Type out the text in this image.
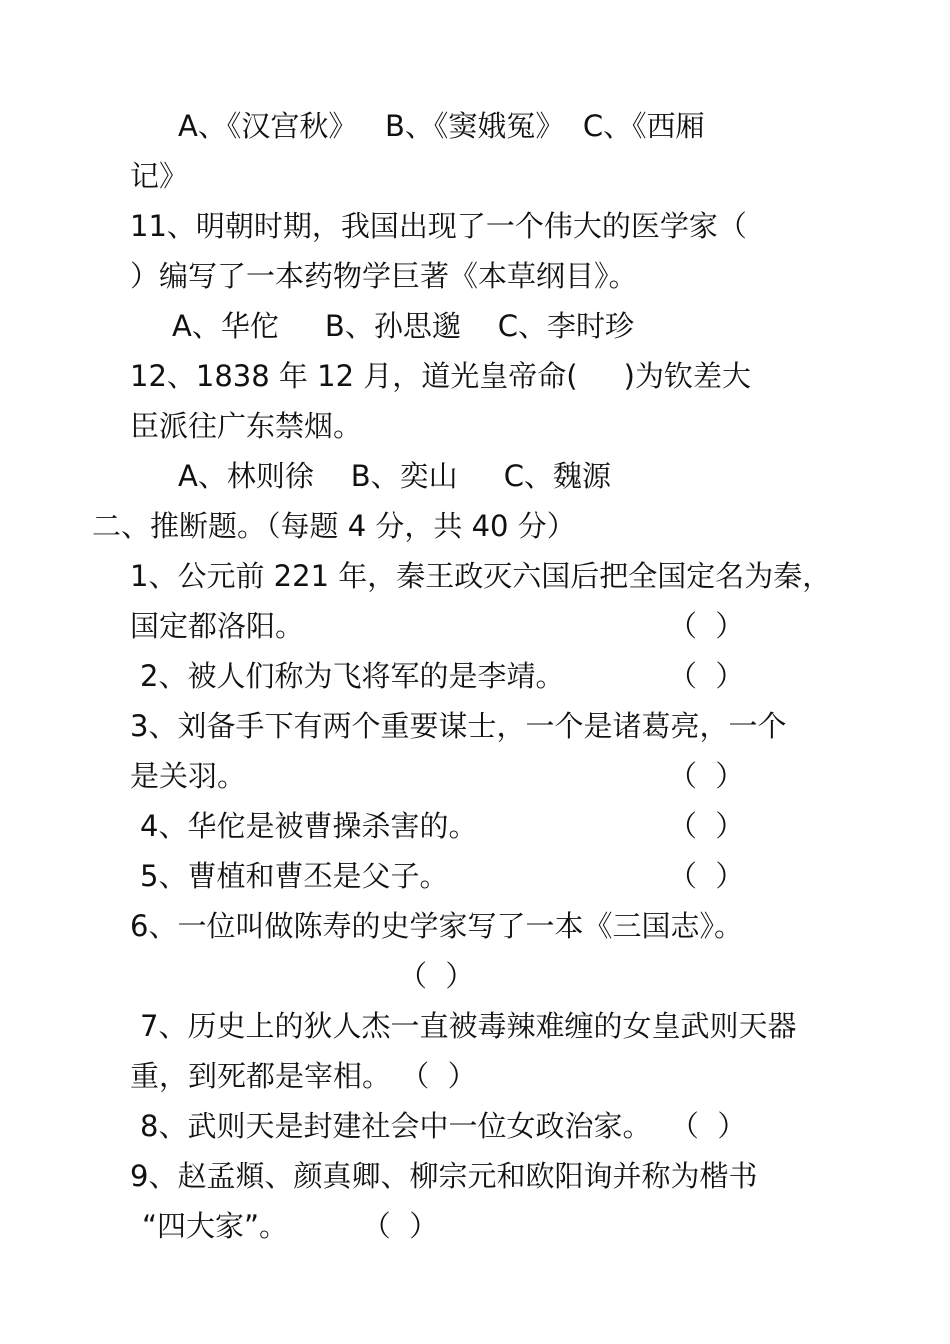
A、《汉宫秋》   B、《窦娥冤》  C、《西厢
记》
11、明朝时期，我国出现了一个伟大的医学家（
）编写了一本药物学巨著《本草纲目》。
A、华佗     B、孙思邈    C、李时珍
12、1838 年 12 月，道光皇帝命(     )为钦差大
臣派往广东禁烟。
A、林则徐    B、奕山     C、魏源
二、推断题。（每题 4 分，共 40 分）
1、公元前 221 年，秦王政灭六国后把全国定名为秦，
国定都洛阳。	（  ）
2、被人们称为飞将军的是李靖。	（  ）
3、刘备手下有两个重要谋士，一个是诸葛亮，一个
是关羽。	（  ）
4、华佗是被曹操杀害的。	（  ）
5、曹植和曹丕是父子。	（  ）
6、一位叫做陈寿的史学家写了一本《三国志》。
（  ）
7、历史上的狄人杰一直被毒辣难缠的女皇武则天器
重，到死都是宰相。 （  ）
8、武则天是封建社会中一位女政治家。  （  ）
9、赵孟頫、颜真卿、柳宗元和欧阳询并称为楷书
“四大家”。        （  ）
